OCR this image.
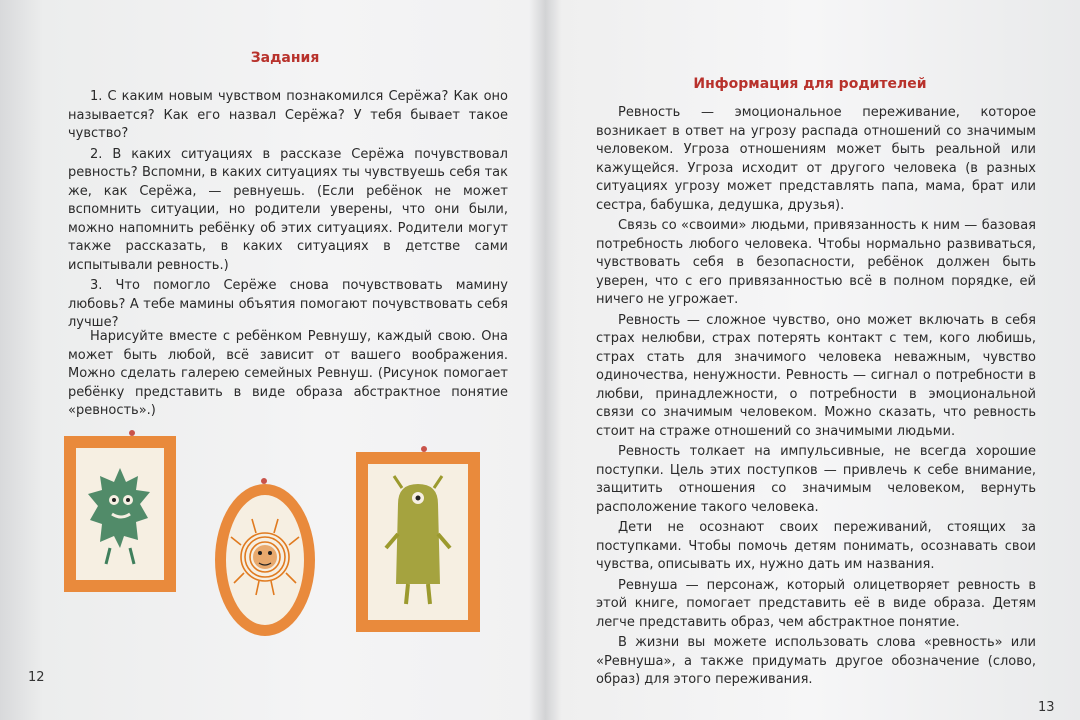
Задания

1. С каким новым чувством познакомился Серёжа? Как оно называется? Как его назвал Серёжа? У тебя бывает такое чувство?

2. В каких ситуациях в рассказе Серёжа почувствовал ревность? Вспомни, в каких ситуациях ты чувствуешь себя так же, как Серёжа, — ревнуешь. (Если ребёнок не может вспомнить ситуации, но родители уверены, что они были, можно напомнить ребёнку об этих ситуациях. Родители могут также рассказать, в каких ситуациях в детстве сами испытывали ревность.)

3. Что помогло Серёже снова почувствовать мамину любовь? А тебе мамины объятия помогают почувствовать себя лучше?

Нарисуйте вместе с ребёнком Ревнушу, каждый свою. Она может быть любой, всё зависит от вашего воображения. Можно сделать галерею семейных Ревнуш. (Рисунок помогает ребёнку представить в виде образа абстрактное понятие «ревность».)

12
Информация для родителей

Ревность — эмоциональное переживание, которое возникает в ответ на угрозу распада отношений со значимым человеком. Угроза отношениям может быть реальной или кажущейся. Угроза исходит от другого человека (в разных ситуациях угрозу может представлять папа, мама, брат или сестра, бабушка, дедушка, друзья).

Связь со «своими» людьми, привязанность к ним — базовая потребность любого человека. Чтобы нормально развиваться, чувствовать себя в безопасности, ребёнок должен быть уверен, что с его привязанностью всё в полном порядке, ей ничего не угрожает.

Ревность — сложное чувство, оно может включать в себя страх нелюбви, страх потерять контакт с тем, кого любишь, страх стать для значимого человека неважным, чувство одиночества, ненужности. Ревность — сигнал о потребности в любви, принадлежности, о потребности в эмоциональной связи со значимым человеком. Можно сказать, что ревность стоит на страже отношений со значимыми людьми.

Ревность толкает на импульсивные, не всегда хорошие поступки. Цель этих поступков — привлечь к себе внимание, защитить отношения со значимым человеком, вернуть расположение такого человека.

Дети не осознают своих переживаний, стоящих за поступками. Чтобы помочь детям понимать, осознавать свои чувства, описывать их, нужно дать им названия.

Ревнуша — персонаж, который олицетворяет ревность в этой книге, помогает представить её в виде образа. Детям легче представить образ, чем абстрактное понятие.

В жизни вы можете использовать слова «ревность» или «Ревнуша», а также придумать другое обозначение (слово, образ) для этого переживания.

13
